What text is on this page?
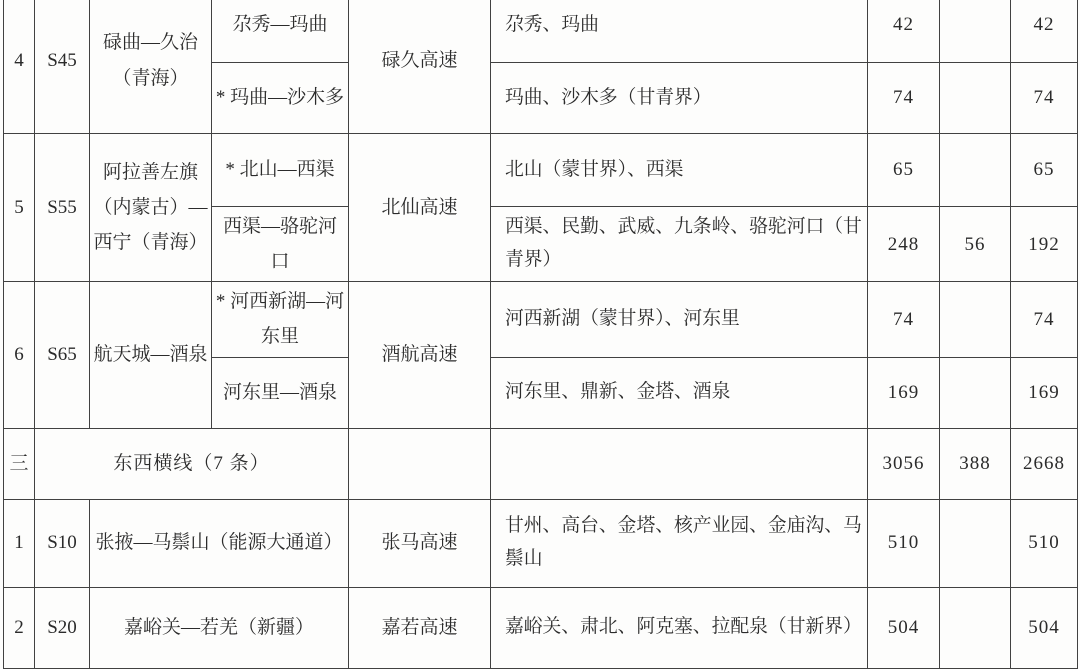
4	S45	碌曲—久治（青海）	尕秀—玛曲	碌久高速	尕秀、玛曲	42		42
			* 玛曲—沙木多		玛曲、沙木多（甘青界）	74		74
5	S55	阿拉善左旗（内蒙古）—西宁（青海）	* 北山—西渠	北仙高速	北山（蒙甘界）、西渠	65		65
			西渠—骆驼河口		西渠、民勤、武威、九条岭、骆驼河口（甘青界）	248	56	192
6	S65	航天城—酒泉	* 河西新湖—河东里	酒航高速	河西新湖（蒙甘界）、河东里	74		74
			河东里—酒泉		河东里、鼎新、金塔、酒泉	169		169
三	东西横线（7 条）					3056	388	2668
1	S10	张掖—马鬃山（能源大通道）		张马高速	甘州、高台、金塔、核产业园、金庙沟、马鬃山	510		510
2	S20	嘉峪关—若羌（新疆）		嘉若高速	嘉峪关、肃北、阿克塞、拉配泉（甘新界）	504		504
